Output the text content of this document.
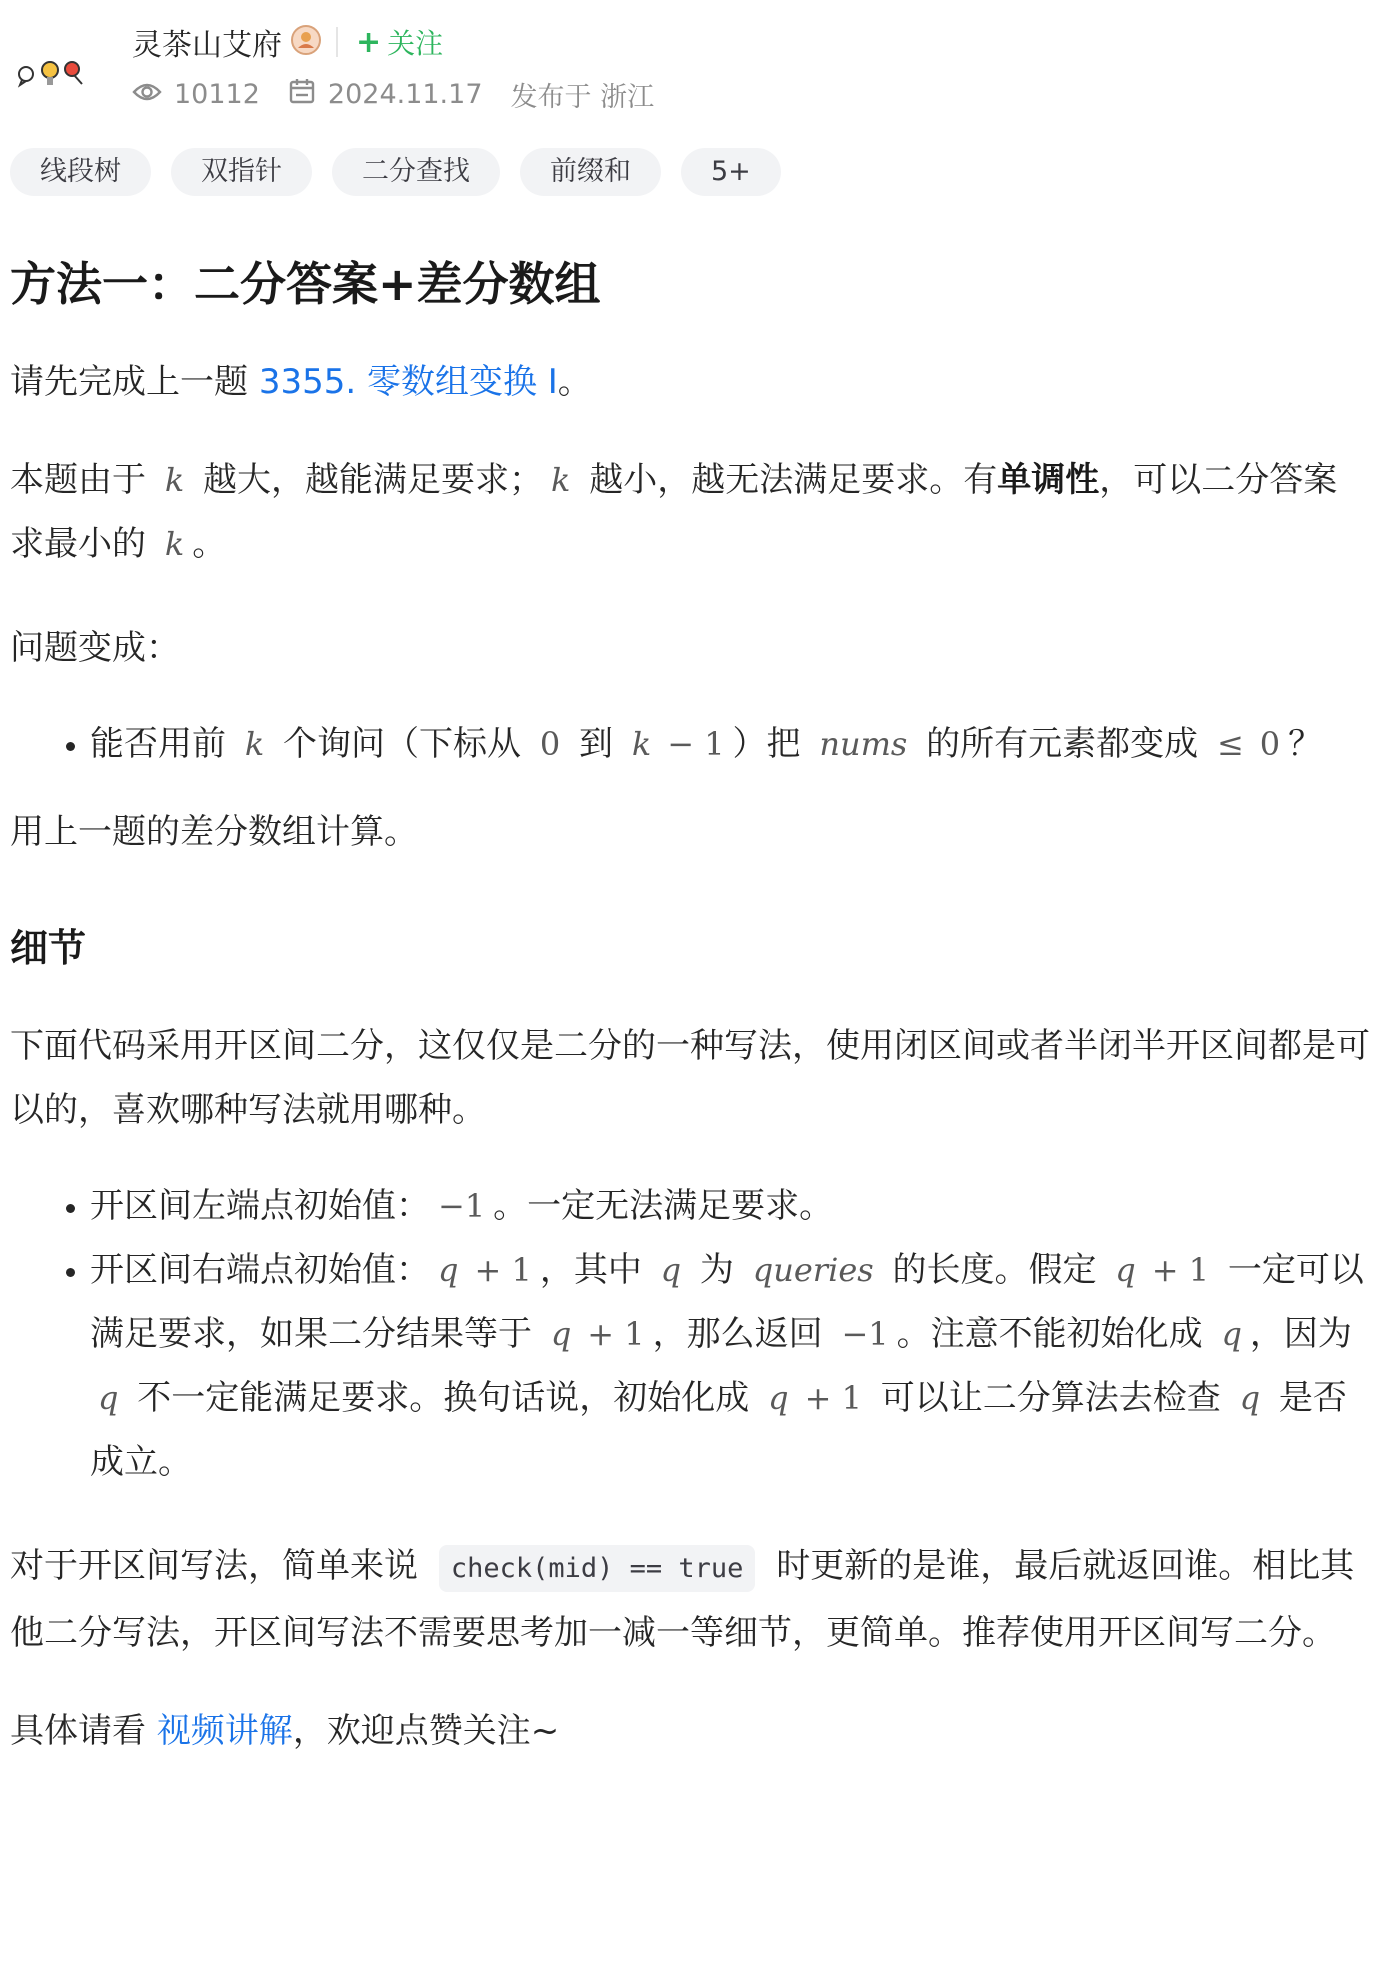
灵茶山艾府 + 关注
10112	2024.11.17 发布于 浙江
线段树	双指针	二分查找	前缀和	5+
方法一：二分答案+差分数组

请先完成上一题 3355. 零数组变换 I。

本题由于 k 越大，越能满足要求； k 越小，越无法满足要求。有单调性，可以二分答案求最小的 k 。

问题变成：

• 能否用前 k 个询问（下标从 0 到 k − 1 ）把 nums 的所有元素都变成 ≤ 0 ？

用上一题的差分数组计算。

细节

下面代码采用开区间二分，这仅仅是二分的一种写法，使用闭区间或者半闭半开区间都是可以的，喜欢哪种写法就用哪种。

• 开区间左端点初始值： −1 。一定无法满足要求。
• 开区间右端点初始值： q + 1 ，其中 q 为 queries 的长度。假定 q + 1 一定可以满足要求，如果二分结果等于 q + 1 ，那么返回 −1 。注意不能初始化成 q ，因为 q 不一定能满足要求。换句话说，初始化成 q + 1 可以让二分算法去检查 q 是否成立。

对于开区间写法，简单来说 check(mid) == true 时更新的是谁，最后就返回谁。相比其他二分写法，开区间写法不需要思考加一减一等细节，更简单。推荐使用开区间写二分。

具体请看 视频讲解，欢迎点赞关注~
